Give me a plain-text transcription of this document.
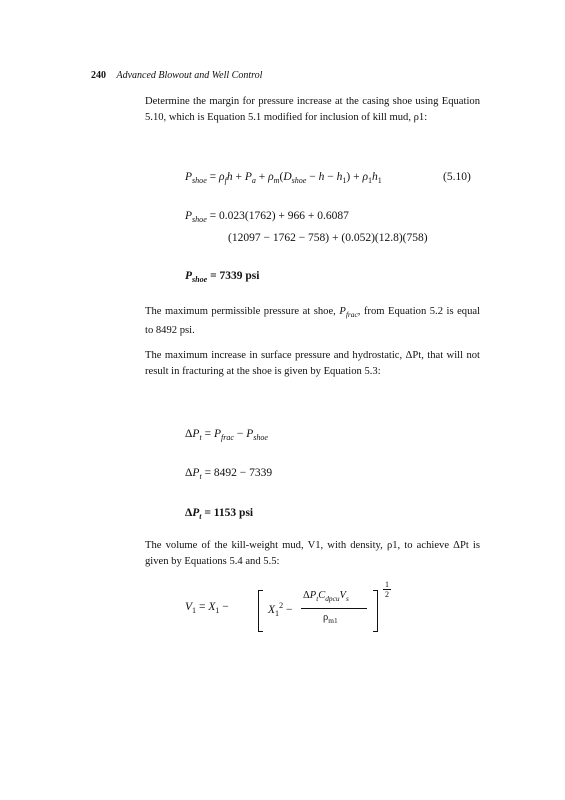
240 Advanced Blowout and Well Control
Determine the margin for pressure increase at the casing shoe using Equation 5.10, which is Equation 5.1 modified for inclusion of kill mud, ρ1:
$P_{shoe} = \rho_fh + P_a + \rho_m(D_{shoe} - h - h_1) + \rho_1h_1$	(5.10)
$P_{shoe} = 0.023(1762) + 966 + 0.6087$
(12097 − 1762 − 758) + (0.052)(12.8)(758)
$P_{shoe} = 7339$ psi
The maximum permissible pressure at shoe, $P_{frac}$, from Equation 5.2 is equal to 8492 psi.
The maximum increase in surface pressure and hydrostatic, ΔPt, that will not result in fracturing at the shoe is given by Equation 5.3:
$\Delta P_t = P_{frac} - P_{shoe}$
$\Delta P_t = 8492 - 7339$
$\Delta P_t = 1153$ psi
The volume of the kill-weight mud, V1, with density, ρ1, to achieve ΔPt is given by Equations 5.4 and 5.5:
$V_1 = X_1$ −	$X_1^2$ −
$\Delta P_tC_{dpcu}V_s$
$\rho_{m1}$
$\frac{1}{2}$
